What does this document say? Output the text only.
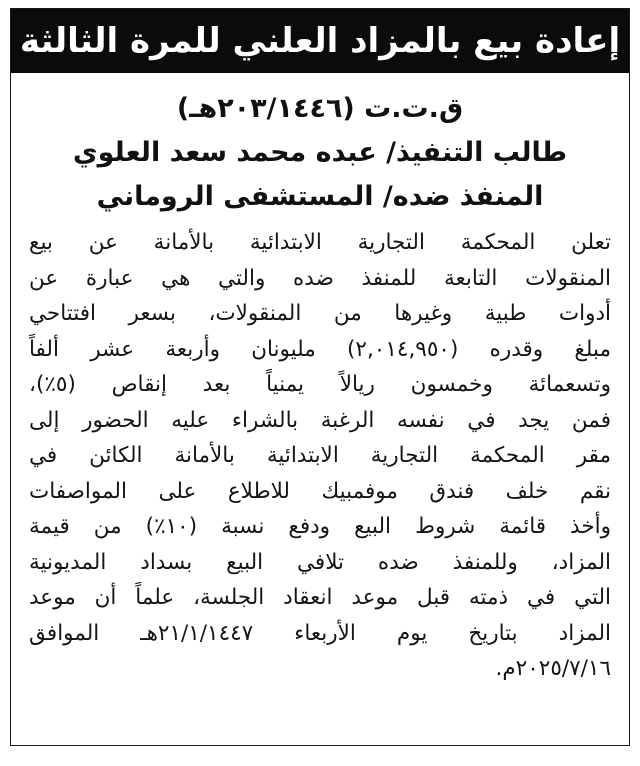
إعادة بيع بالمزاد العلني للمرة الثالثة
ق.ت.ت (٢٠٣/١٤٤٦هـ)
طالب التنفيذ/ عبده محمد سعد العلوي
المنفذ ضده/ المستشفى الروماني
تعلن المحكمة التجارية الابتدائية بالأمانة عن بيع
المنقولات التابعة للمنفذ ضده والتي هي عبارة عن
أدوات طبية وغيرها من المنقولات، بسعر افتتاحي
مبلغ وقدره (٢,٠١٤,٩٥٠) مليونان وأربعة عشر ألفاً
وتسعمائة وخمسون ريالاً يمنياً بعد إنقاص (٥٪)،
فمن يجد في نفسه الرغبة بالشراء عليه الحضور إلى
مقر المحكمة التجارية الابتدائية بالأمانة الكائن في
نقم خلف فندق موفمبيك للاطلاع على المواصفات
وأخذ قائمة شروط البيع ودفع نسبة (١٠٪) من قيمة
المزاد، وللمنفذ ضده تلافي البيع بسداد المديونية
التي في ذمته قبل موعد انعقاد الجلسة، علماً أن موعد
المزاد بتاريخ يوم الأربعاء ٢١/١/١٤٤٧هـ الموافق
٢٠٢٥/٧/١٦م.
